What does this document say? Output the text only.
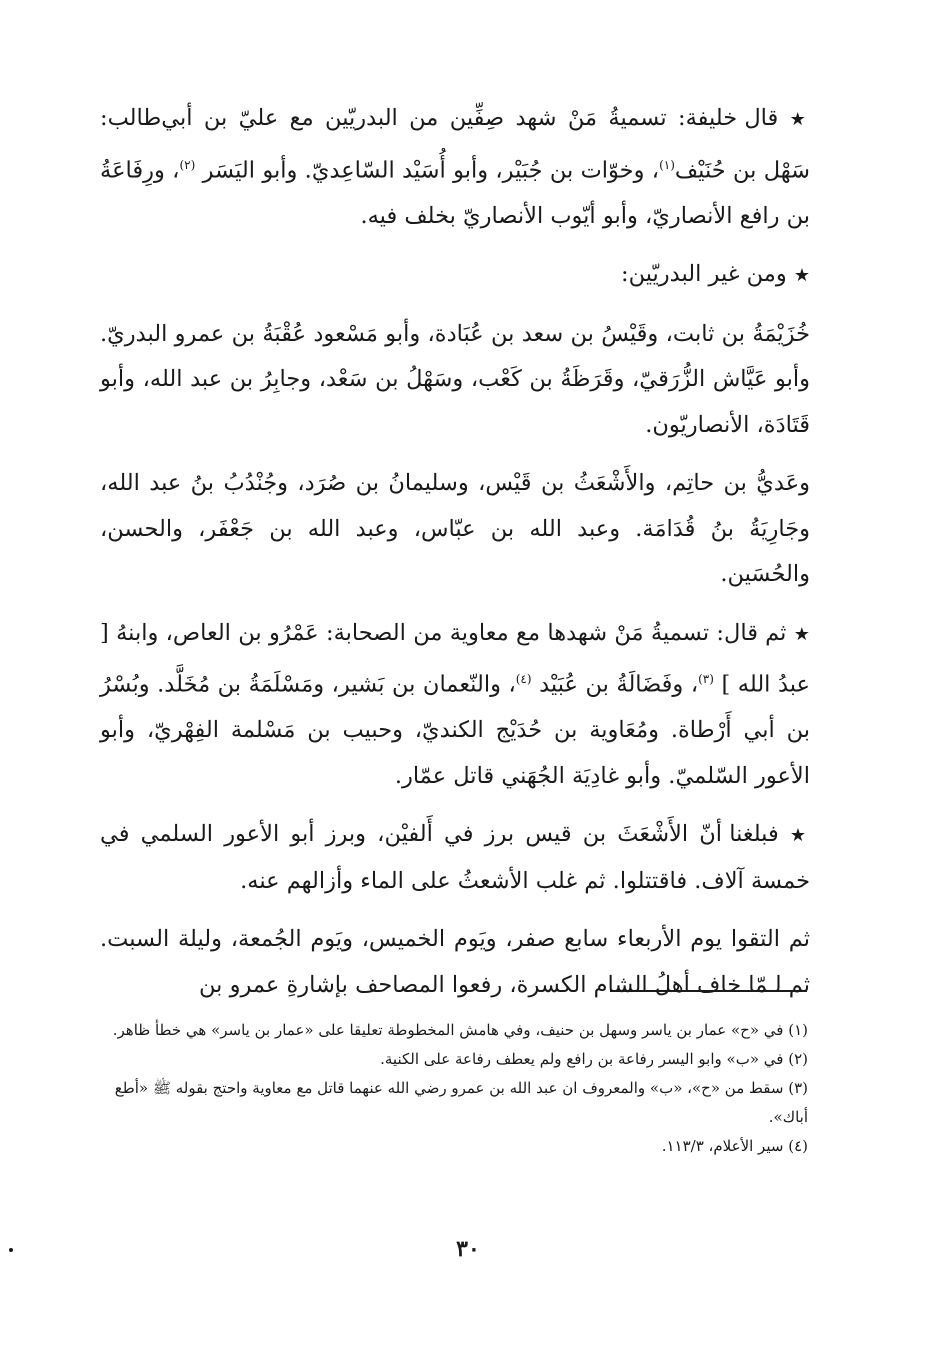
★ قال خليفة: تسميةُ مَنْ شهد صِفِّين من البدريّين مع عليّ بن أبي‌طالب: سَهْل بن حُنَيْف$^{(١)}$، وخوّات بن جُبَيْر، وأبو أُسَيْد السّاعِديّ. وأبو اليَسَر $^{(٢)}$، ورِفَاعَةُ بن رافع الأنصاريّ، وأبو أيّوب الأنصاريّ بخلف فيه.

★ ومن غير البدريّين:

خُزَيْمَةُ بن ثابت، وقَيْسُ بن سعد بن عُبَادة، وأبو مَسْعود عُقْبَةُ بن عمرو البدريّ. وأبو عَيَّاش الزُّرَقيّ، وقَرَظَةُ بن كَعْب، وسَهْلُ بن سَعْد، وجابِرُ بن عبد الله، وأبو قَتَادَة، الأنصاريّون.

وعَديُّ بن حاتِم، والأَشْعَثُ بن قَيْس، وسليمانُ بن صُرَد، وجُنْدُبُ بنُ عبد الله، وجَارِيَةُ بنُ قُدَامَة. وعبد الله بن عبّاس، وعبد الله بن جَعْفَر، والحسن، والحُسَين.

★ ثم قال: تسميةُ مَنْ شهدها مع معاوية من الصحابة: عَمْرُو بن العاص، وابنهُ [ عبدُ الله ] $^{(٣)}$، وفَضَالَةُ بن عُبَيْد $^{(٤)}$، والنّعمان بن بَشير، ومَسْلَمَةُ بن مُخَلَّد. وبُسْرُ بن أبي أَرْطاة. ومُعَاوية بن حُدَيْج الكنديّ، وحبيب بن مَسْلمة الفِهْريّ، وأبو الأعور السّلميّ. وأبو غادِيَة الجُهَني قاتل عمّار.

★ فبلغنا أنّ الأَشْعَثَ بن قيس برز في أَلفيْن، وبرز أبو الأعور السلمي في خمسة آلاف. فاقتتلوا. ثم غلب الأشعثُ على الماء وأزالهم عنه.

ثم التقوا يوم الأربعاء سابع صفر، ويَوم الخميس، ويَوم الجُمعة، وليلة السبت. ثم لـمّا خاف أهلُ الشام الكسرة، رفعوا المصاحف بإشارةِ عمرو بن

(١) في «ح» عمار بن ياسر وسهل بن حنيف، وفي هامش المخطوطة تعليقا على «عمار بن ياسر» هي خطأ ظاهر.

(٢) في «ب» وابو اليسر رفاعة بن رافع ولم يعطف رفاعة على الكنية.

(٣) سقط من «ح»، «ب» والمعروف ان عبد الله بن عمرو رضي الله عنهما قاتل مع معاوية واحتج بقوله ﷺ «أطع أباك».

(٤) سير الأعلام، ١١٣/٣.

٣٠
